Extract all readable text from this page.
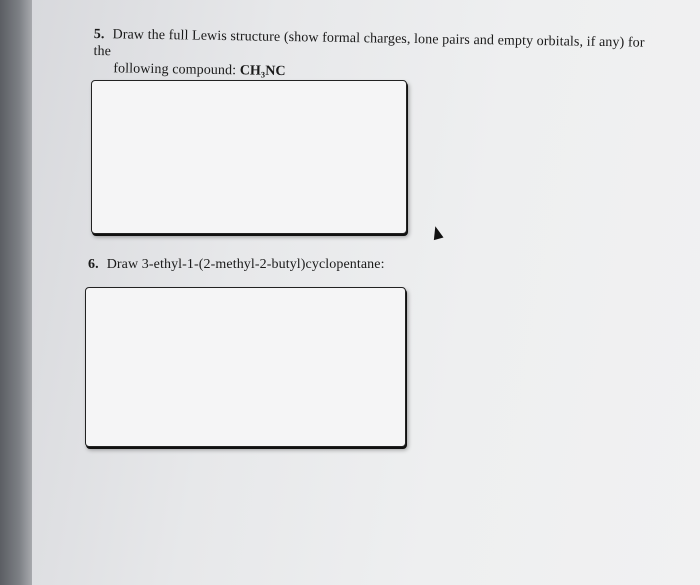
5. Draw the full Lewis structure (show formal charges, lone pairs and empty orbitals, if any) for the
following compound: CH₃NC
6. Draw 3-ethyl-1-(2-methyl-2-butyl)cyclopentane:
